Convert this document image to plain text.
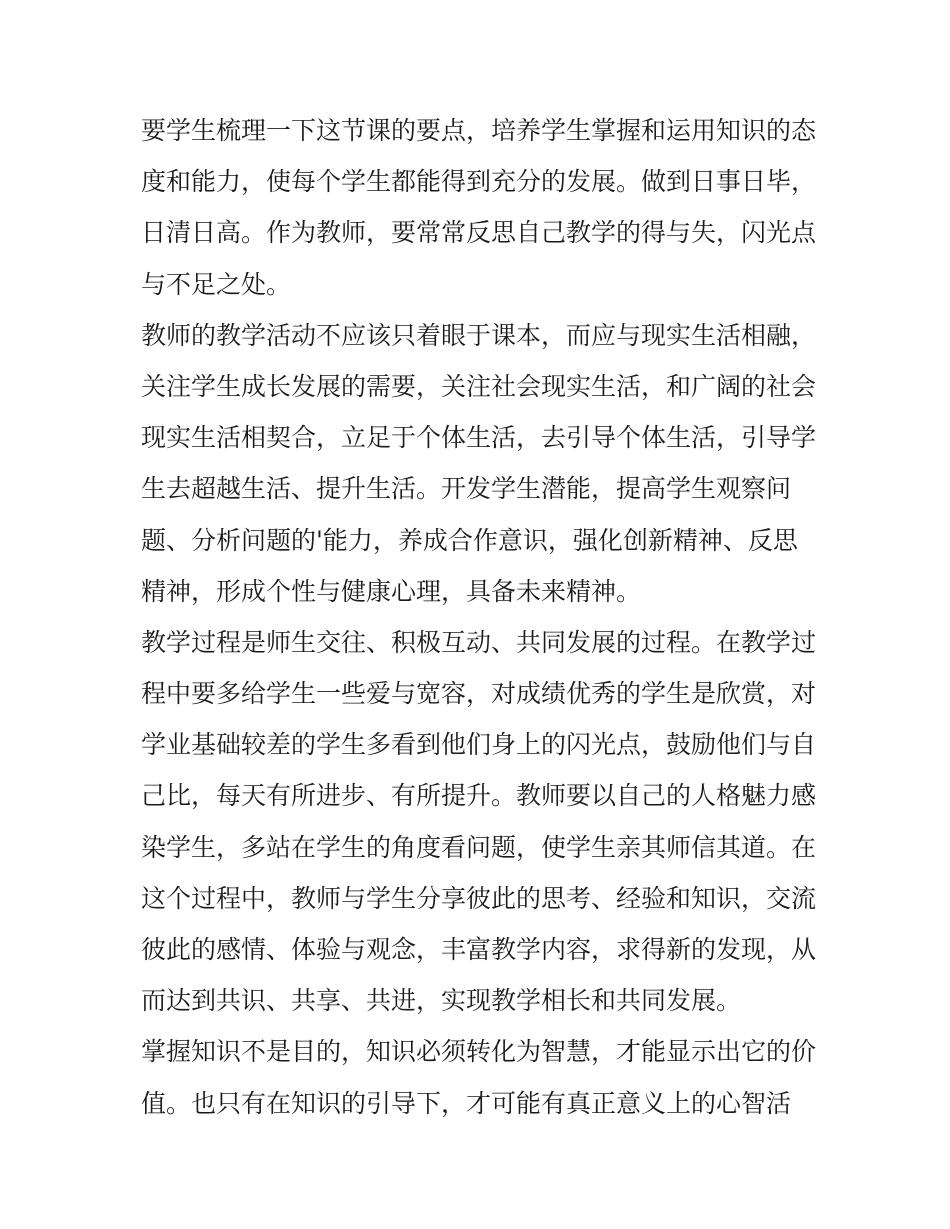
要学生梳理一下这节课的要点，培养学生掌握和运用知识的态
度和能力，使每个学生都能得到充分的发展。做到日事日毕，
日清日高。作为教师，要常常反思自己教学的得与失，闪光点
与不足之处。
教师的教学活动不应该只着眼于课本，而应与现实生活相融，
关注学生成长发展的需要，关注社会现实生活，和广阔的社会
现实生活相契合，立足于个体生活，去引导个体生活，引导学
生去超越生活、提升生活。开发学生潜能，提高学生观察问
题、分析问题的'能力，养成合作意识，强化创新精神、反思
精神，形成个性与健康心理，具备未来精神。
教学过程是师生交往、积极互动、共同发展的过程。在教学过
程中要多给学生一些爱与宽容，对成绩优秀的学生是欣赏，对
学业基础较差的学生多看到他们身上的闪光点，鼓励他们与自
己比，每天有所进步、有所提升。教师要以自己的人格魅力感
染学生，多站在学生的角度看问题，使学生亲其师信其道。在
这个过程中，教师与学生分享彼此的思考、经验和知识，交流
彼此的感情、体验与观念，丰富教学内容，求得新的发现，从
而达到共识、共享、共进，实现教学相长和共同发展。
掌握知识不是目的，知识必须转化为智慧，才能显示出它的价
值。也只有在知识的引导下，才可能有真正意义上的心智活
